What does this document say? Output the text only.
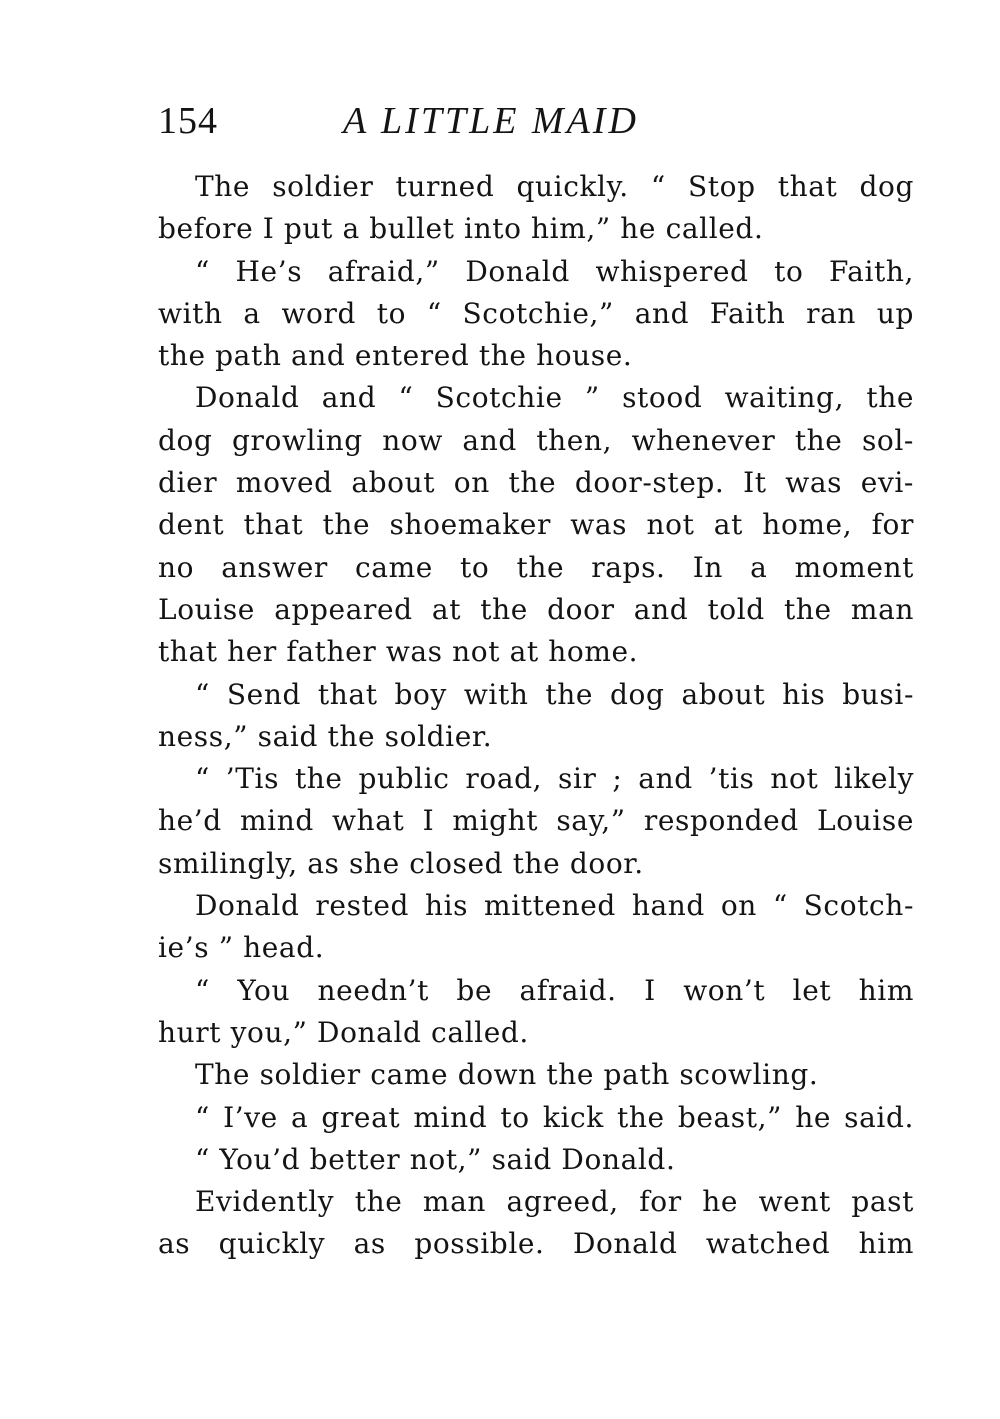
154	A LITTLE MAID
The soldier turned quickly. “ Stop that dog
before I put a bullet into him,” he called.
“ He’s afraid,” Donald whispered to Faith,
with a word to “ Scotchie,” and Faith ran up
the path and entered the house.
Donald and “ Scotchie ” stood waiting, the
dog growling now and then, whenever the sol-
dier moved about on the door-step. It was evi-
dent that the shoemaker was not at home, for
no answer came to the raps. In a moment
Louise appeared at the door and told the man
that her father was not at home.
“ Send that boy with the dog about his busi-
ness,” said the soldier.
“ ’Tis the public road, sir ; and ’tis not likely
he’d mind what I might say,” responded Louise
smilingly, as she closed the door.
Donald rested his mittened hand on “ Scotch-
ie’s ” head.
“ You needn’t be afraid. I won’t let him
hurt you,” Donald called.
The soldier came down the path scowling.
“ I’ve a great mind to kick the beast,” he said.
“ You’d better not,” said Donald.
Evidently the man agreed, for he went past
as quickly as possible. Donald watched him
